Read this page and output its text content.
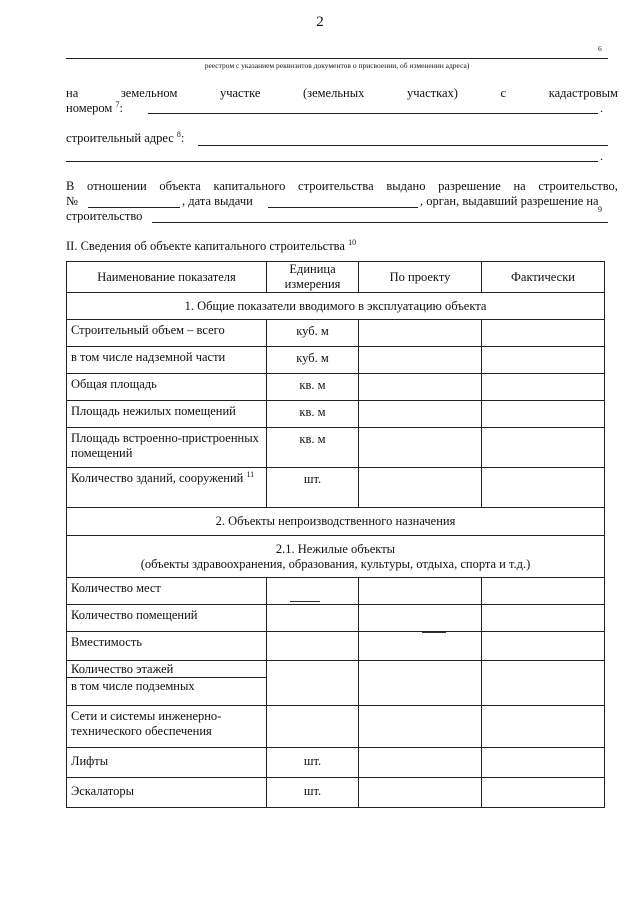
2
6
реестром с указанием реквизитов документов о присвоении, об изменении адреса)
на	земельном	участке	(земельных	участках)	с	кадастровым
номером $^7$:	.
строительный адрес $^8$:
.
В отношении объекта капитального строительства выдано разрешение на строительство,
№	, дата выдачи	, орган, выдавший разрешение на
строительство	9
II. Сведения об объекте капитального строительства $^{10}$
Наименование показателя	Единица измерения	По проекту	Фактически
1. Общие показатели вводимого в эксплуатацию объекта			
Строительный объем – всего	куб. м		
в том числе надземной части	куб. м		
Общая площадь	кв. м		
Площадь нежилых помещений	кв. м		
Площадь встроенно-пристроенных помещений	кв. м		
Количество зданий, сооружений $^{11}$	шт.		
2. Объекты непроизводственного назначения			

2.1. Нежилые объекты
(объекты здравоохранения, образования, культуры, отдыха, спорта и т.д.)			

Количество мест			
Количество помещений			
Вместимость			
Количество этажей			
в том числе подземных			
Сети и системы инженерно-технического обеспечения			
Лифты	шт.		
Эскалаторы	шт.		
